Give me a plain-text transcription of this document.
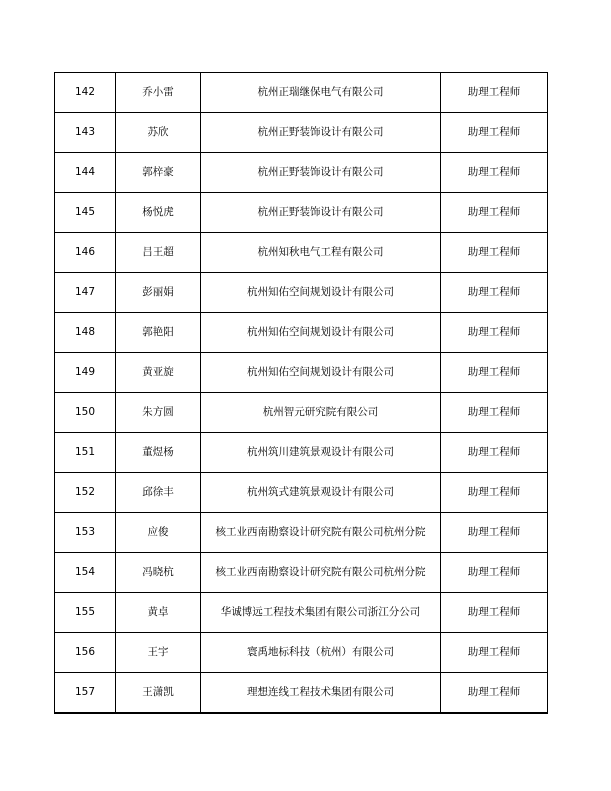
142	乔小雷	杭州正瑞继保电气有限公司	助理工程师
143	苏欣	杭州正野装饰设计有限公司	助理工程师
144	郭梓豪	杭州正野装饰设计有限公司	助理工程师
145	杨悦虎	杭州正野装饰设计有限公司	助理工程师
146	吕王超	杭州知秋电气工程有限公司	助理工程师
147	彭丽娟	杭州知佑空间规划设计有限公司	助理工程师
148	郭艳阳	杭州知佑空间规划设计有限公司	助理工程师
149	黄亚旋	杭州知佑空间规划设计有限公司	助理工程师
150	朱方圆	杭州智元研究院有限公司	助理工程师
151	董煜杨	杭州筑川建筑景观设计有限公司	助理工程师
152	邱徐丰	杭州筑式建筑景观设计有限公司	助理工程师
153	应俊	核工业西南勘察设计研究院有限公司杭州分院	助理工程师
154	冯晓杭	核工业西南勘察设计研究院有限公司杭州分院	助理工程师
155	黄卓	华诚博远工程技术集团有限公司浙江分公司	助理工程师
156	王宇	寰禹地标科技（杭州）有限公司	助理工程师
157	王潇凯	理想连线工程技术集团有限公司	助理工程师
